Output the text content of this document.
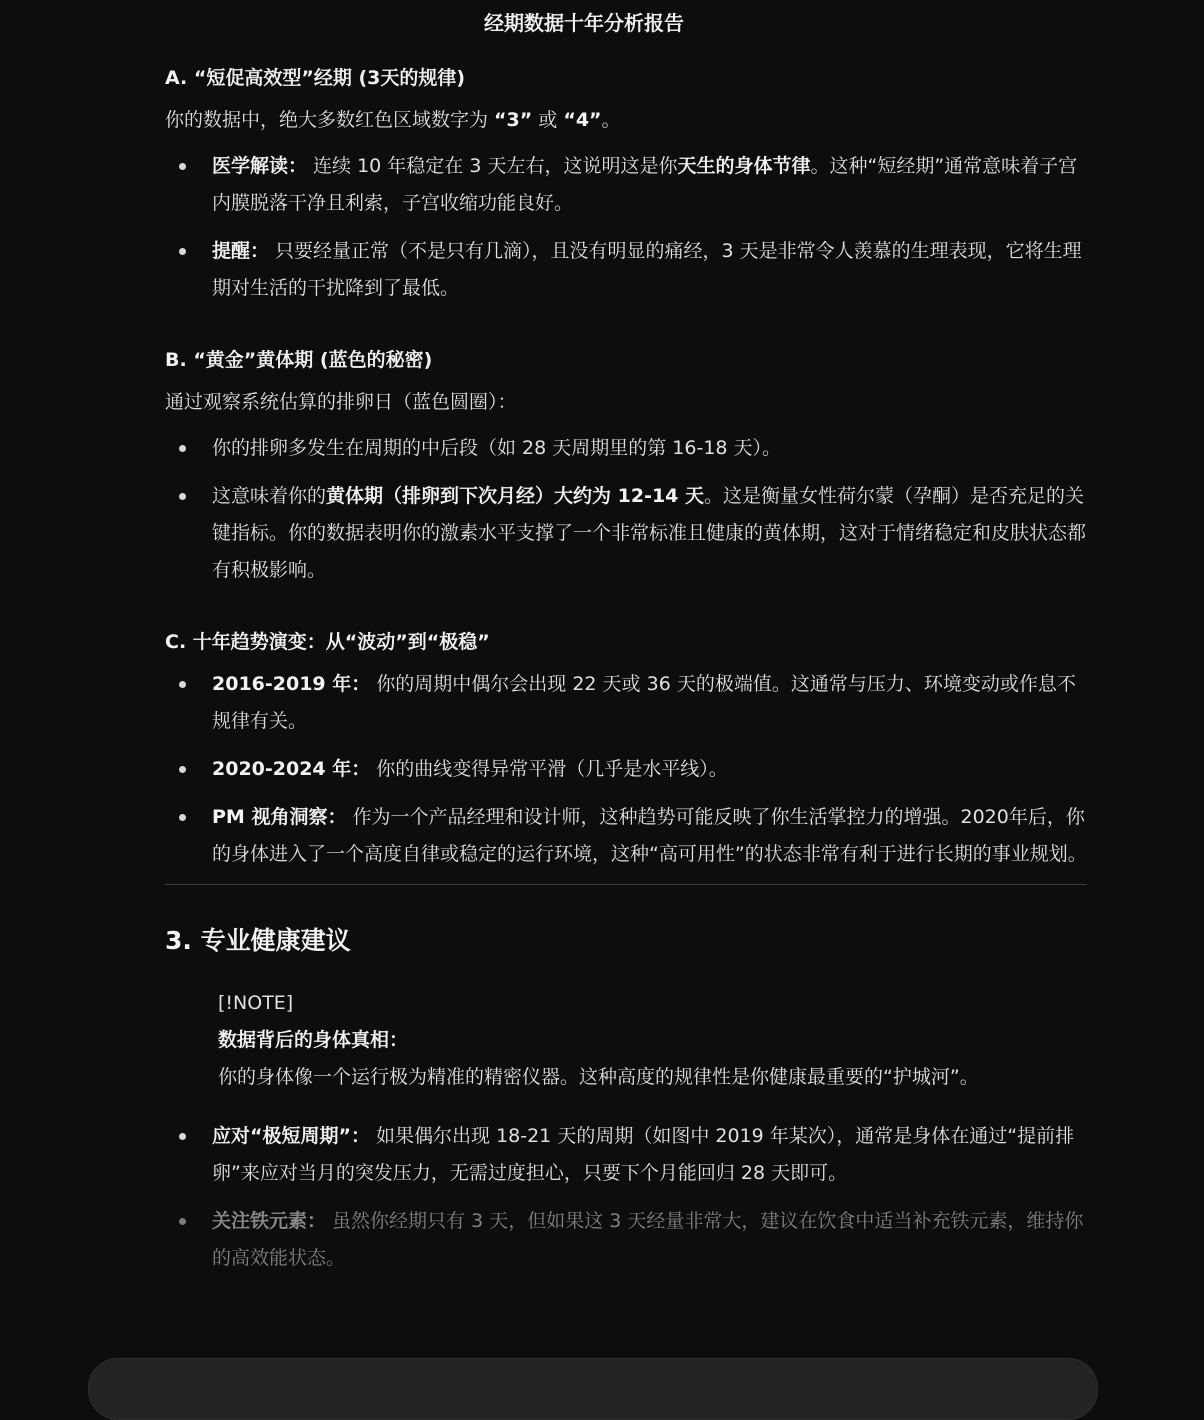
经期数据十年分析报告
A. “短促高效型”经期 (3天的规律)
你的数据中，绝大多数红色区域数字为 “3” 或 “4”。
医学解读： 连续 10 年稳定在 3 天左右，这说明这是你天生的身体节律。这种“短经期”通常意味着子宫内膜脱落干净且利索，子宫收缩功能良好。
提醒： 只要经量正常（不是只有几滴），且没有明显的痛经，3 天是非常令人羡慕的生理表现，它将生理期对生活的干扰降到了最低。
B. “黄金”黄体期 (蓝色的秘密)
通过观察系统估算的排卵日（蓝色圆圈）：
你的排卵多发生在周期的中后段（如 28 天周期里的第 16-18 天）。
这意味着你的黄体期（排卵到下次月经）大约为 12-14 天。这是衡量女性荷尔蒙（孕酮）是否充足的关键指标。你的数据表明你的激素水平支撑了一个非常标准且健康的黄体期，这对于情绪稳定和皮肤状态都有积极影响。
C. 十年趋势演变：从“波动”到“极稳”
2016-2019 年： 你的周期中偶尔会出现 22 天或 36 天的极端值。这通常与压力、环境变动或作息不规律有关。
2020-2024 年： 你的曲线变得异常平滑（几乎是水平线）。
PM 视角洞察： 作为一个产品经理和设计师，这种趋势可能反映了你生活掌控力的增强。2020年后，你的身体进入了一个高度自律或稳定的运行环境，这种“高可用性”的状态非常有利于进行长期的事业规划。
3. 专业健康建议
[!NOTE]
数据背后的身体真相：
你的身体像一个运行极为精准的精密仪器。这种高度的规律性是你健康最重要的“护城河”。
应对“极短周期”： 如果偶尔出现 18-21 天的周期（如图中 2019 年某次），通常是身体在通过“提前排卵”来应对当月的突发压力，无需过度担心，只要下个月能回归 28 天即可。
关注铁元素： 虽然你经期只有 3 天，但如果这 3 天经量非常大，建议在饮食中适当补充铁元素，维持你的高效能状态。
